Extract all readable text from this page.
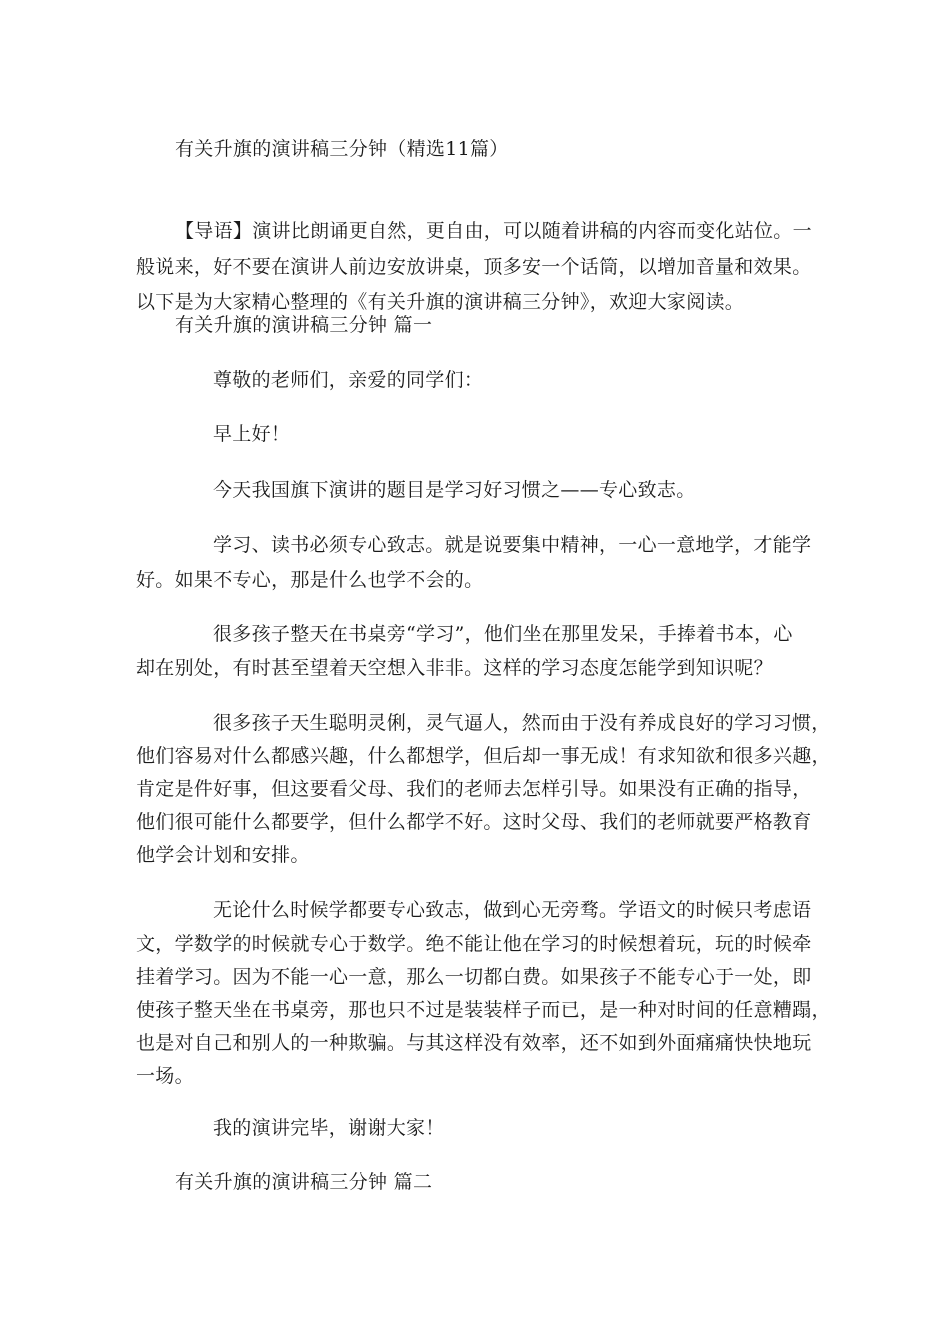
有关升旗的演讲稿三分钟（精选11篇）
【导语】演讲比朗诵更自然，更自由，可以随着讲稿的内容而变化站位。一
般说来，好不要在演讲人前边安放讲桌，顶多安一个话筒，以增加音量和效果。
以下是为大家精心整理的《有关升旗的演讲稿三分钟》，欢迎大家阅读。
有关升旗的演讲稿三分钟 篇一
尊敬的老师们，亲爱的同学们：
早上好！
今天我国旗下演讲的题目是学习好习惯之——专心致志。
学习、读书必须专心致志。就是说要集中精神，一心一意地学，才能学
好。如果不专心，那是什么也学不会的。
很多孩子整天在书桌旁“学习”，他们坐在那里发呆，手捧着书本，心
却在别处，有时甚至望着天空想入非非。这样的学习态度怎能学到知识呢？
很多孩子天生聪明灵俐，灵气逼人，然而由于没有养成良好的学习习惯，
他们容易对什么都感兴趣，什么都想学，但后却一事无成！有求知欲和很多兴趣，
肯定是件好事，但这要看父母、我们的老师去怎样引导。如果没有正确的指导，
他们很可能什么都要学，但什么都学不好。这时父母、我们的老师就要严格教育
他学会计划和安排。
无论什么时候学都要专心致志，做到心无旁骛。学语文的时候只考虑语
文，学数学的时候就专心于数学。绝不能让他在学习的时候想着玩，玩的时候牵
挂着学习。因为不能一心一意，那么一切都白费。如果孩子不能专心于一处，即
使孩子整天坐在书桌旁，那也只不过是装装样子而已，是一种对时间的任意糟蹋，
也是对自己和别人的一种欺骗。与其这样没有效率，还不如到外面痛痛快快地玩
一场。
我的演讲完毕，谢谢大家！
有关升旗的演讲稿三分钟 篇二
